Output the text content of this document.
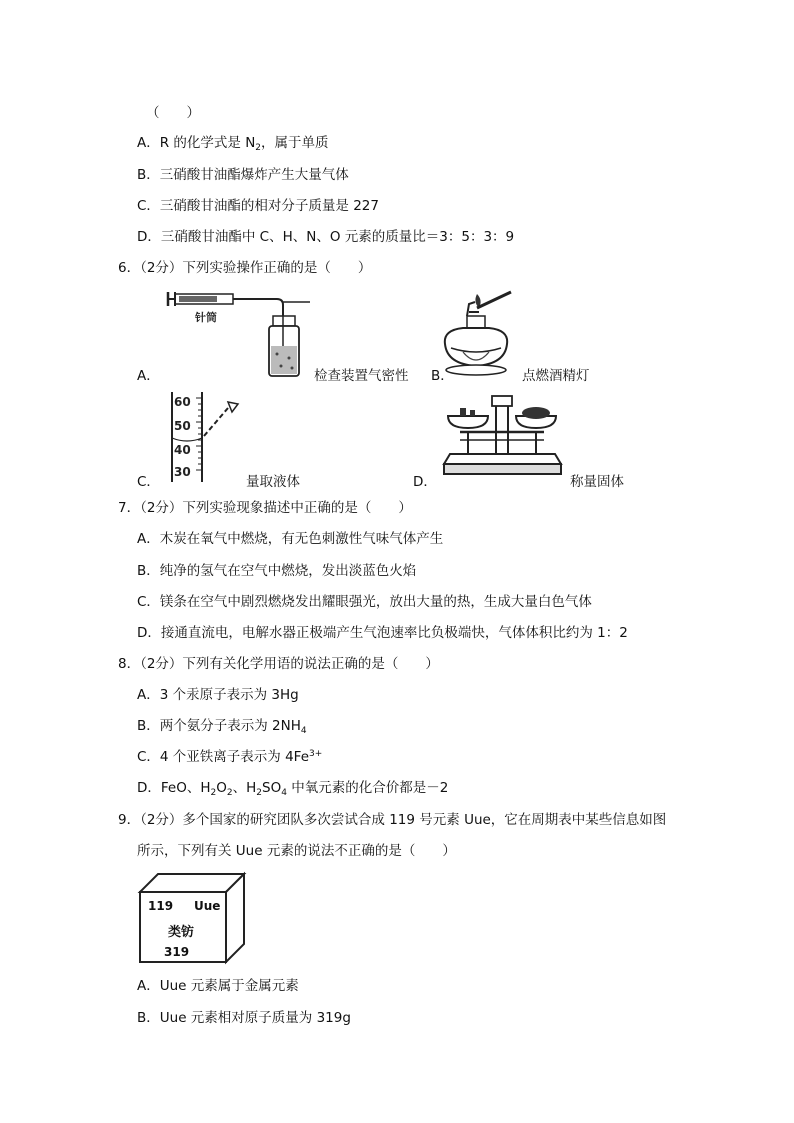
（　　）
A．R 的化学式是 $N_2$，属于单质
B．三硝酸甘油酯爆炸产生大量气体
C．三硝酸甘油酯的相对分子质量是 227
D．三硝酸甘油酯中 C、H、N、O 元素的质量比＝3：5：3：9
6．（2分）下列实验操作正确的是（　　）
针筒
A．	检查装置气密性 B．	点燃酒精灯
60
50
40
30
C．	量取液体	D．	称量固体
7．（2分）下列实验现象描述中正确的是（　　）
A．木炭在氧气中燃烧，有无色刺激性气味气体产生
B．纯净的氢气在空气中燃烧，发出淡蓝色火焰
C．镁条在空气中剧烈燃烧发出耀眼强光，放出大量的热，生成大量白色气体
D．接通直流电，电解水器正极端产生气泡速率比负极端快，气体体积比约为 1：2
8．（2分）下列有关化学用语的说法正确的是（　　）
A．3 个汞原子表示为 3Hg
B．两个氨分子表示为 $2NH_4$
C．4 个亚铁离子表示为 $4Fe^{3+}$
D．FeO、$H_2O_2$、$H_2SO_4$ 中氧元素的化合价都是－2
9．（2分）多个国家的研究团队多次尝试合成 119 号元素 Uue，它在周期表中某些信息如图
所示，下列有关 Uue 元素的说法不正确的是（　　）
119 Uue
类钫
319
A．Uue 元素属于金属元素
B．Uue 元素相对原子质量为 319g
